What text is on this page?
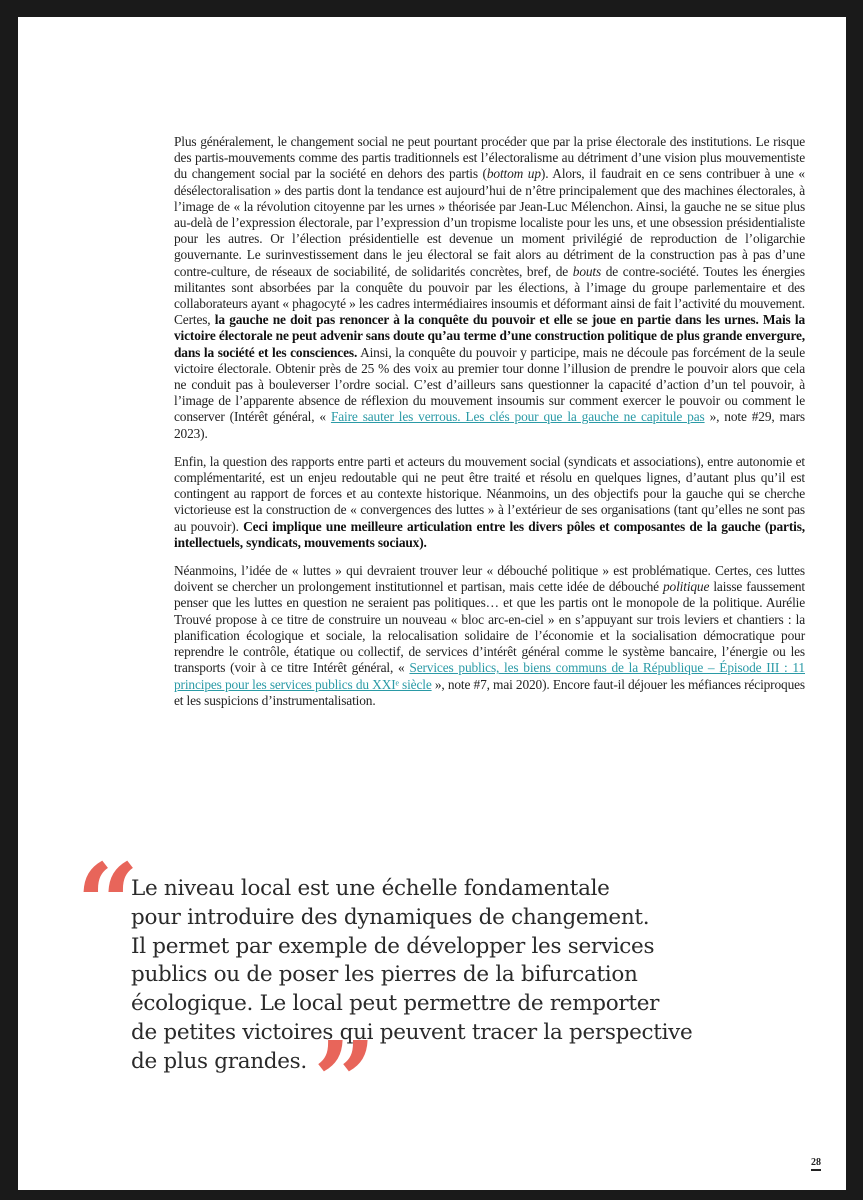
Plus généralement, le changement social ne peut pourtant procéder que par la prise électorale des institutions. Le risque des partis-mouvements comme des partis traditionnels est l’électoralisme au détriment d’une vision plus mouvementiste du changement social par la société en dehors des partis (bottom up). Alors, il faudrait en ce sens contribuer à une « désélectoralisation » des partis dont la tendance est aujourd’hui de n’être principalement que des machines électorales, à l’image de « la révolution citoyenne par les urnes » théorisée par Jean-Luc Mélenchon. Ainsi, la gauche ne se situe plus au-delà de l’expression électorale, par l’expression d’un tropisme localiste pour les uns, et une obsession présidentialiste pour les autres. Or l’élection présidentielle est devenue un moment privilégié de reproduction de l’oligarchie gouvernante. Le surinvestissement dans le jeu électoral se fait alors au détriment de la construction pas à pas d’une contre-culture, de réseaux de sociabilité, de solidarités concrètes, bref, de bouts de contre-société. Toutes les énergies militantes sont absorbées par la conquête du pouvoir par les élections, à l’image du groupe parlementaire et des collaborateurs ayant « phagocyté » les cadres intermédiaires insoumis et déformant ainsi de fait l’activité du mouvement. Certes, la gauche ne doit pas renoncer à la conquête du pouvoir et elle se joue en partie dans les urnes. Mais la victoire électorale ne peut advenir sans doute qu’au terme d’une construction politique de plus grande envergure, dans la société et les consciences. Ainsi, la conquête du pouvoir y participe, mais ne découle pas forcément de la seule victoire électorale. Obtenir près de 25 % des voix au premier tour donne l’illusion de prendre le pouvoir alors que cela ne conduit pas à bouleverser l’ordre social. C’est d’ailleurs sans questionner la capacité d’action d’un tel pouvoir, à l’image de l’apparente absence de réflexion du mouvement insoumis sur comment exercer le pouvoir ou comment le conserver (Intérêt général, « Faire sauter les verrous. Les clés pour que la gauche ne capitule pas », note #29, mars 2023).

Enfin, la question des rapports entre parti et acteurs du mouvement social (syndicats et associations), entre autonomie et complémentarité, est un enjeu redoutable qui ne peut être traité et résolu en quelques lignes, d’autant plus qu’il est contingent au rapport de forces et au contexte historique. Néanmoins, un des objectifs pour la gauche qui se cherche victorieuse est la construction de « convergences des luttes » à l’extérieur de ses organisations (tant qu’elles ne sont pas au pouvoir). Ceci implique une meilleure articulation entre les divers pôles et composantes de la gauche (partis, intellectuels, syndicats, mouvements sociaux).

Néanmoins, l’idée de « luttes » qui devraient trouver leur « débouché politique » est problématique. Certes, ces luttes doivent se chercher un prolongement institutionnel et partisan, mais cette idée de débouché politique laisse faussement penser que les luttes en question ne seraient pas politiques… et que les partis ont le monopole de la politique. Aurélie Trouvé propose à ce titre de construire un nouveau « bloc arc-en-ciel » en s’appuyant sur trois leviers et chantiers : la planification écologique et sociale, la relocalisation solidaire de l’économie et la socialisation démocratique pour reprendre le contrôle, étatique ou collectif, de services d’intérêt général comme le système bancaire, l’énergie ou les transports (voir à ce titre Intérêt général, « Services publics, les biens communs de la République – Épisode III : 11 principes pour les services publics du XXIᵉ siècle », note #7, mai 2020). Encore faut-il déjouer les méfiances réciproques et les suspicions d’instrumentalisation.

“
Le niveau local est une échelle fondamentale
pour introduire des dynamiques de changement.
Il permet par exemple de développer les services
publics ou de poser les pierres de la bifurcation
écologique. Le local peut permettre de remporter
de petites victoires qui peuvent tracer la perspective
de plus grandes.”
28
